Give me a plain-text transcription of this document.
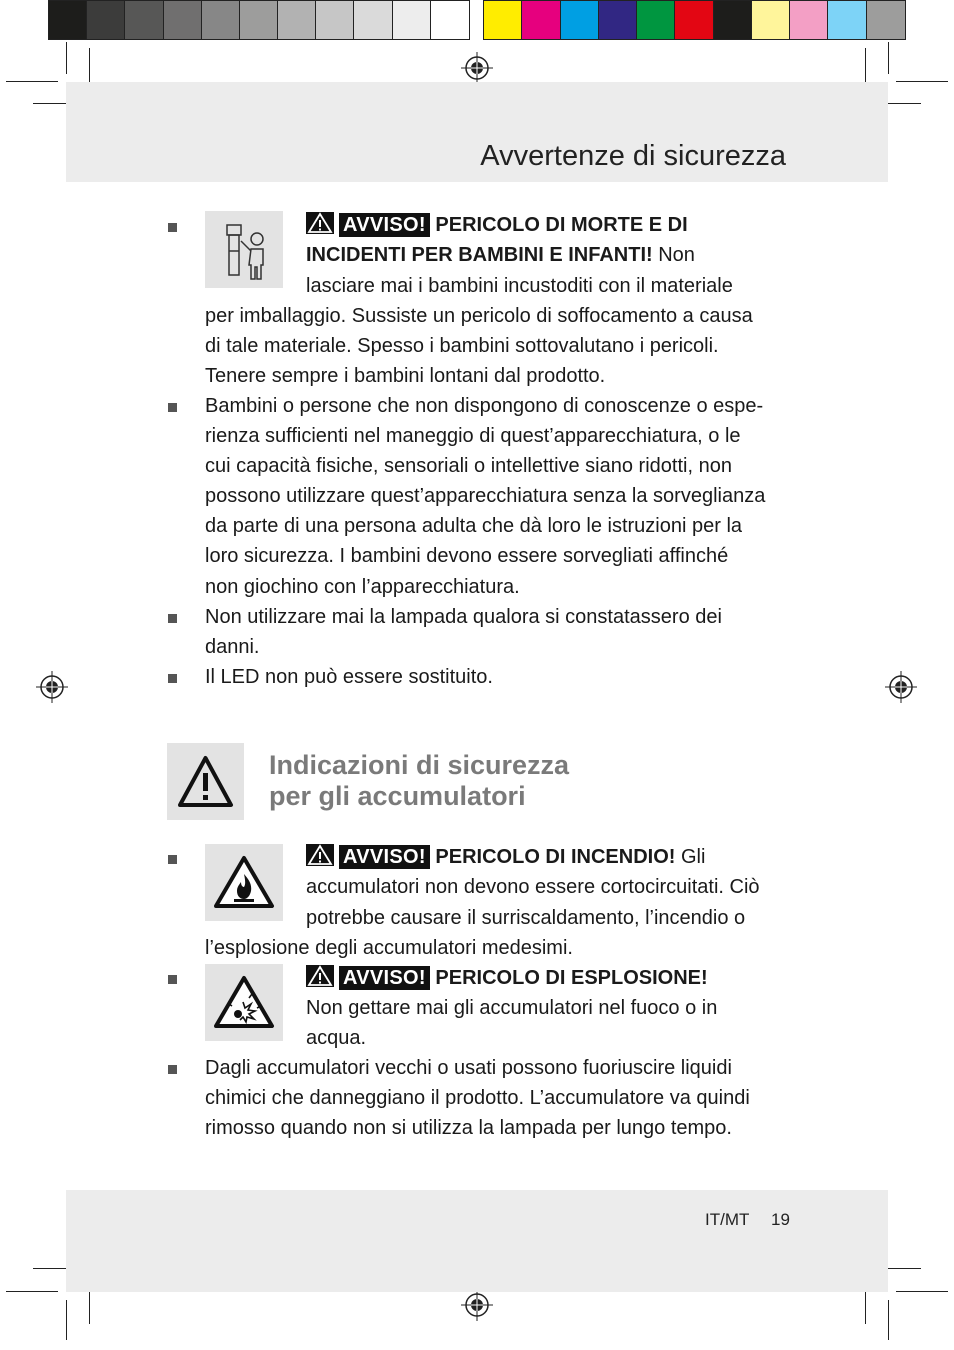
Avvertenze di sicurezza
AVVISO! PERICOLO DI MORTE E DI
INCIDENTI PER BAMBINI E INFANTI! Non
lasciare mai i bambini incustoditi con il materiale
per imballaggio. Sussiste un pericolo di soffocamento a causa
di tale materiale. Spesso i bambini sottovalutano i pericoli.
Tenere sempre i bambini lontani dal prodotto.
Bambini o persone che non dispongono di conoscenze o espe-
rienza sufficienti nel maneggio di quest’apparecchiatura, o le
cui capacità fisiche, sensoriali o intellettive siano ridotti, non
possono utilizzare quest’apparecchiatura senza la sorveglianza
da parte di una persona adulta che dà loro le istruzioni per la
loro sicurezza. I bambini devono essere sorvegliati affinché
non giochino con l’apparecchiatura.
Non utilizzare mai la lampada qualora si constatassero dei
danni.
Il LED non può essere sostituito.
Indicazioni di sicurezza
per gli accumulatori
AVVISO! PERICOLO DI INCENDIO! Gli
accumulatori non devono essere cortocircuitati. Ciò
potrebbe causare il surriscaldamento, l’incendio o
l’esplosione degli accumulatori medesimi.
AVVISO! PERICOLO DI ESPLOSIONE!
Non gettare mai gli accumulatori nel fuoco o in
acqua.
Dagli accumulatori vecchi o usati possono fuoriuscire liquidi
chimici che danneggiano il prodotto. L’accumulatore va quindi
rimosso quando non si utilizza la lampada per lungo tempo.
IT/MT 19
